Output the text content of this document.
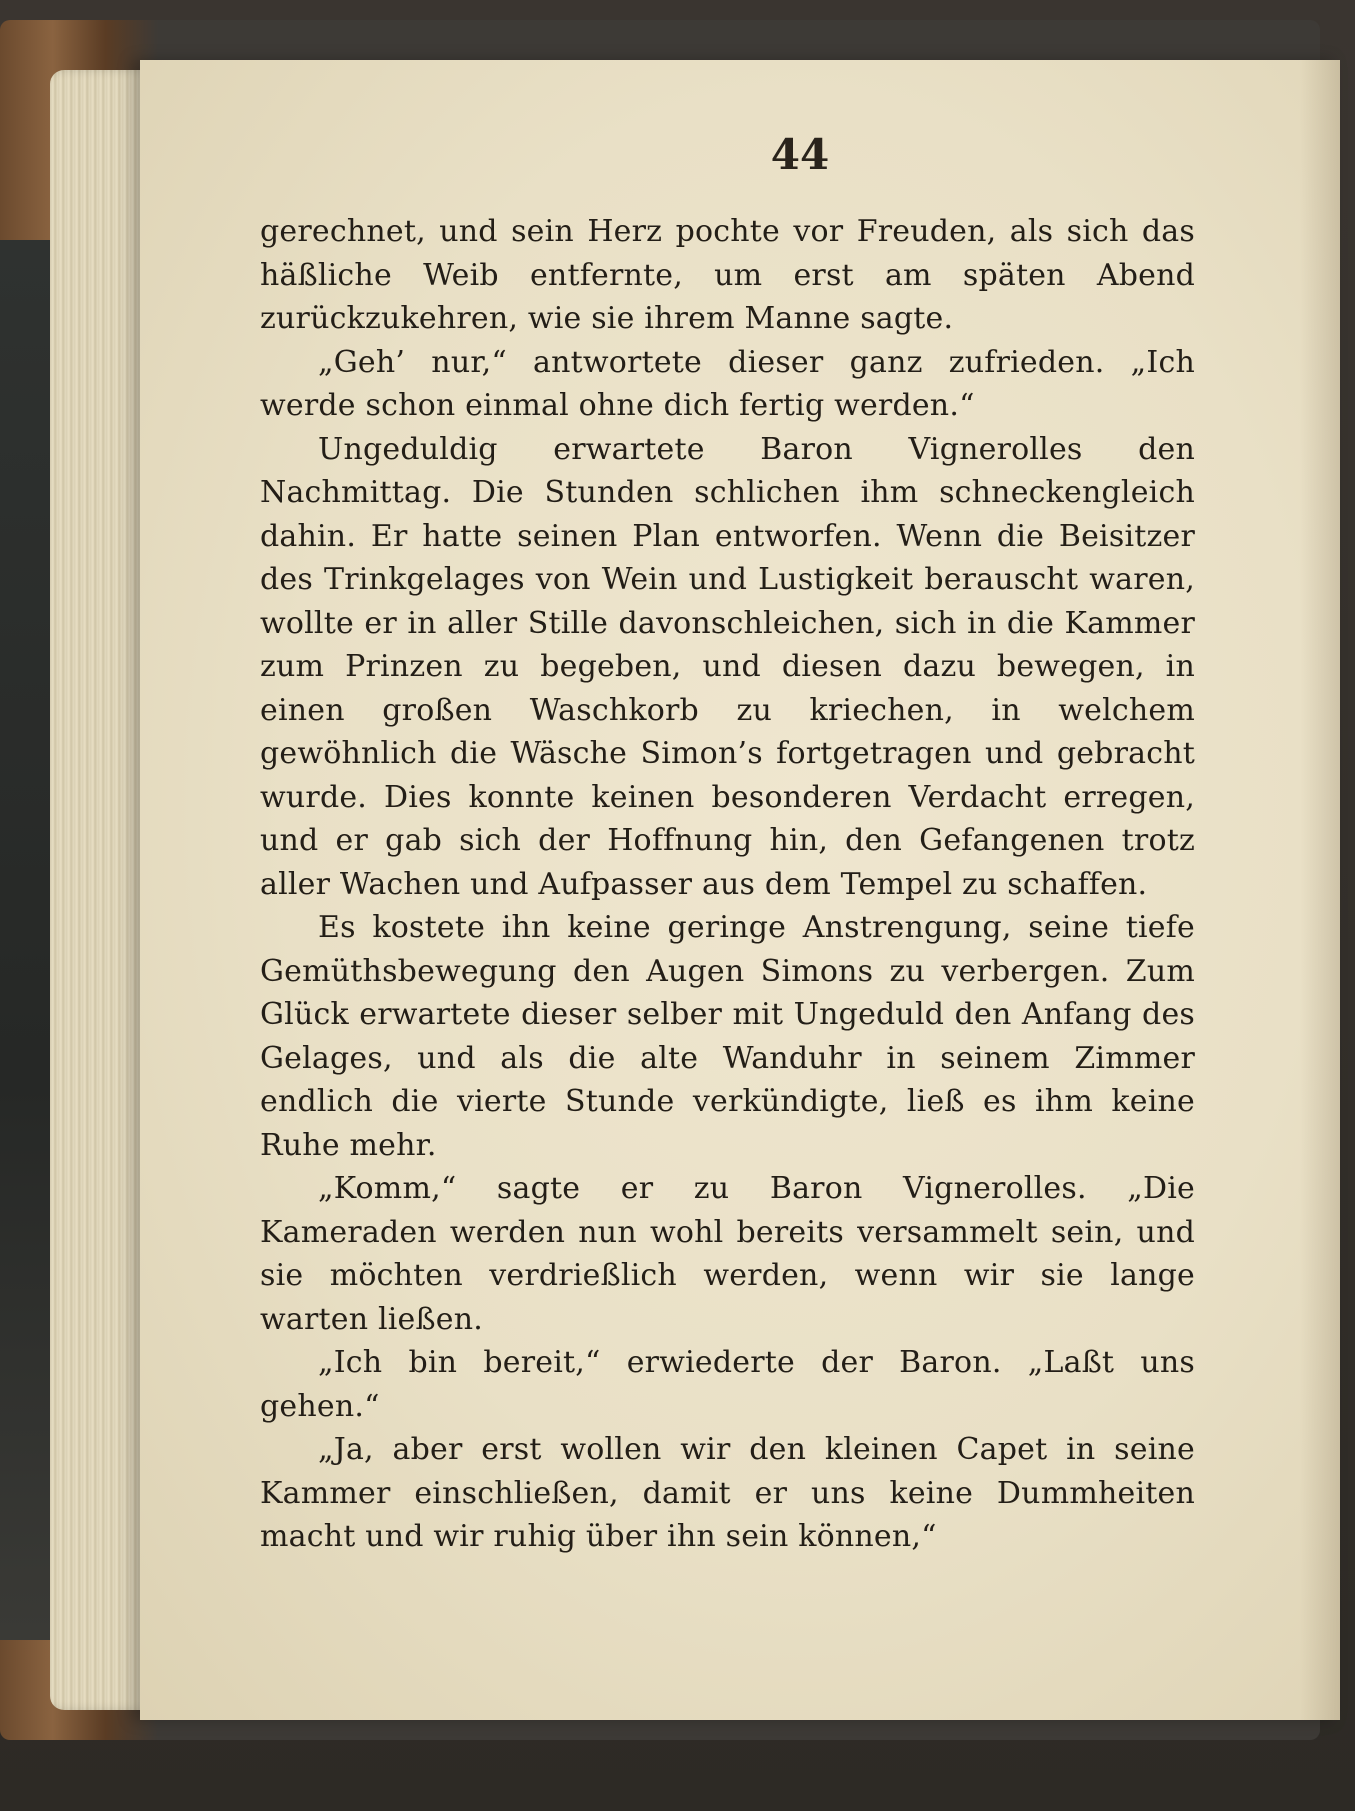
44

gerechnet, und sein Herz pochte vor Freuden, als sich das häßliche Weib entfernte, um erst am späten Abend zurückzukehren, wie sie ihrem Manne sagte.

„Geh’ nur,“ antwortete dieser ganz zufrieden. „Ich werde schon einmal ohne dich fertig werden.“

Ungeduldig erwartete Baron Vignerolles den Nachmittag. Die Stunden schlichen ihm schneckengleich dahin. Er hatte seinen Plan entworfen. Wenn die Beisitzer des Trinkgelages von Wein und Lustigkeit berauscht waren, wollte er in aller Stille davonschleichen, sich in die Kammer zum Prinzen zu begeben, und diesen dazu bewegen, in einen großen Waschkorb zu kriechen, in welchem gewöhnlich die Wäsche Simon’s fortgetragen und gebracht wurde. Dies konnte keinen besonderen Verdacht erregen, und er gab sich der Hoffnung hin, den Gefangenen trotz aller Wachen und Aufpasser aus dem Tempel zu schaffen.

Es kostete ihn keine geringe Anstrengung, seine tiefe Gemüthsbewegung den Augen Simons zu verbergen. Zum Glück erwartete dieser selber mit Ungeduld den Anfang des Gelages, und als die alte Wanduhr in seinem Zimmer endlich die vierte Stunde verkündigte, ließ es ihm keine Ruhe mehr.

„Komm,“ sagte er zu Baron Vignerolles. „Die Kameraden werden nun wohl bereits versammelt sein, und sie möchten verdrießlich werden, wenn wir sie lange warten ließen.

„Ich bin bereit,“ erwiederte der Baron. „Laßt uns gehen.“

„Ja, aber erst wollen wir den kleinen Capet in seine Kammer einschließen, damit er uns keine Dummheiten macht und wir ruhig über ihn sein können,“
